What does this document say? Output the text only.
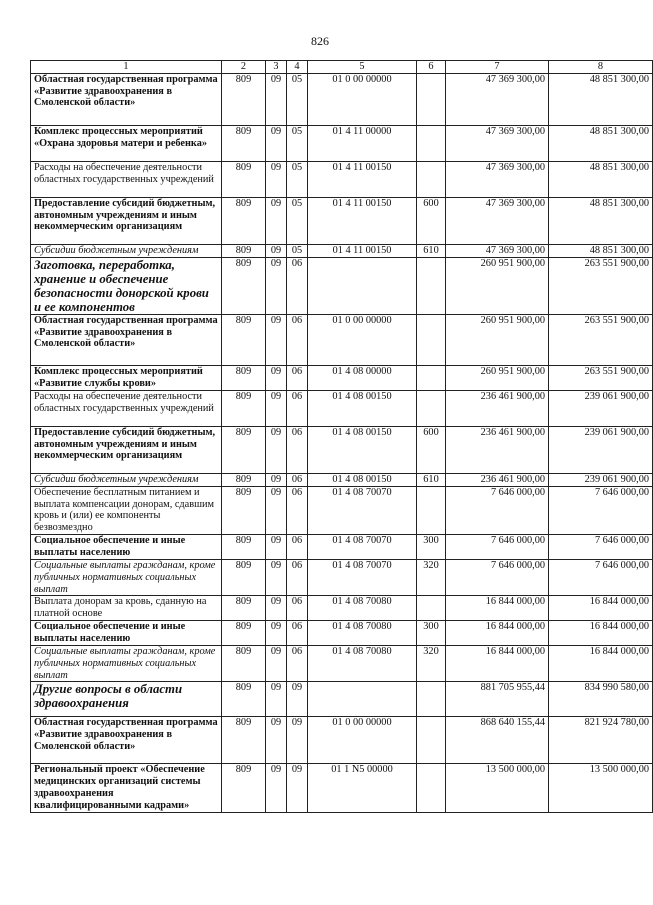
826
1	2	3	4	5	6	7	8
Областная государственная программа «Развитие здравоохранения в Смоленской области»	809	09	05	01 0 00 00000		47 369 300,00	48 851 300,00
Комплекс процессных мероприятий «Охрана здоровья матери и ребенка»	809	09	05	01 4 11 00000		47 369 300,00	48 851 300,00
Расходы на обеспечение деятельности областных государственных учреждений	809	09	05	01 4 11 00150		47 369 300,00	48 851 300,00
Предоставление субсидий бюджетным, автономным учреждениям и иным некоммерческим организациям	809	09	05	01 4 11 00150	600	47 369 300,00	48 851 300,00
Субсидии бюджетным учреждениям	809	09	05	01 4 11 00150	610	47 369 300,00	48 851 300,00
Заготовка, переработка, хранение и обеспечение безопасности донорской крови и ее компонентов	809	09	06			260 951 900,00	263 551 900,00
Областная государственная программа «Развитие здравоохранения в Смоленской области»	809	09	06	01 0 00 00000		260 951 900,00	263 551 900,00
Комплекс процессных мероприятий «Развитие службы крови»	809	09	06	01 4 08 00000		260 951 900,00	263 551 900,00
Расходы на обеспечение деятельности областных государственных учреждений	809	09	06	01 4 08 00150		236 461 900,00	239 061 900,00
Предоставление субсидий бюджетным, автономным учреждениям и иным некоммерческим организациям	809	09	06	01 4 08 00150	600	236 461 900,00	239 061 900,00
Субсидии бюджетным учреждениям	809	09	06	01 4 08 00150	610	236 461 900,00	239 061 900,00
Обеспечение бесплатным питанием и выплата компенсации донорам, сдавшим кровь и (или) ее компоненты безвозмездно	809	09	06	01 4 08 70070		7 646 000,00	7 646 000,00
Социальное обеспечение и иные выплаты населению	809	09	06	01 4 08 70070	300	7 646 000,00	7 646 000,00
Социальные выплаты гражданам, кроме публичных нормативных социальных выплат	809	09	06	01 4 08 70070	320	7 646 000,00	7 646 000,00
Выплата донорам за кровь, сданную на платной основе	809	09	06	01 4 08 70080		16 844 000,00	16 844 000,00
Социальное обеспечение и иные выплаты населению	809	09	06	01 4 08 70080	300	16 844 000,00	16 844 000,00
Социальные выплаты гражданам, кроме публичных нормативных социальных выплат	809	09	06	01 4 08 70080	320	16 844 000,00	16 844 000,00
Другие вопросы в области здравоохранения	809	09	09			881 705 955,44	834 990 580,00
Областная государственная программа «Развитие здравоохранения в Смоленской области»	809	09	09	01 0 00 00000		868 640 155,44	821 924 780,00
Региональный проект «Обеспечение медицинских организаций системы здравоохранения квалифицированными кадрами»	809	09	09	01 1 N5 00000		13 500 000,00	13 500 000,00
